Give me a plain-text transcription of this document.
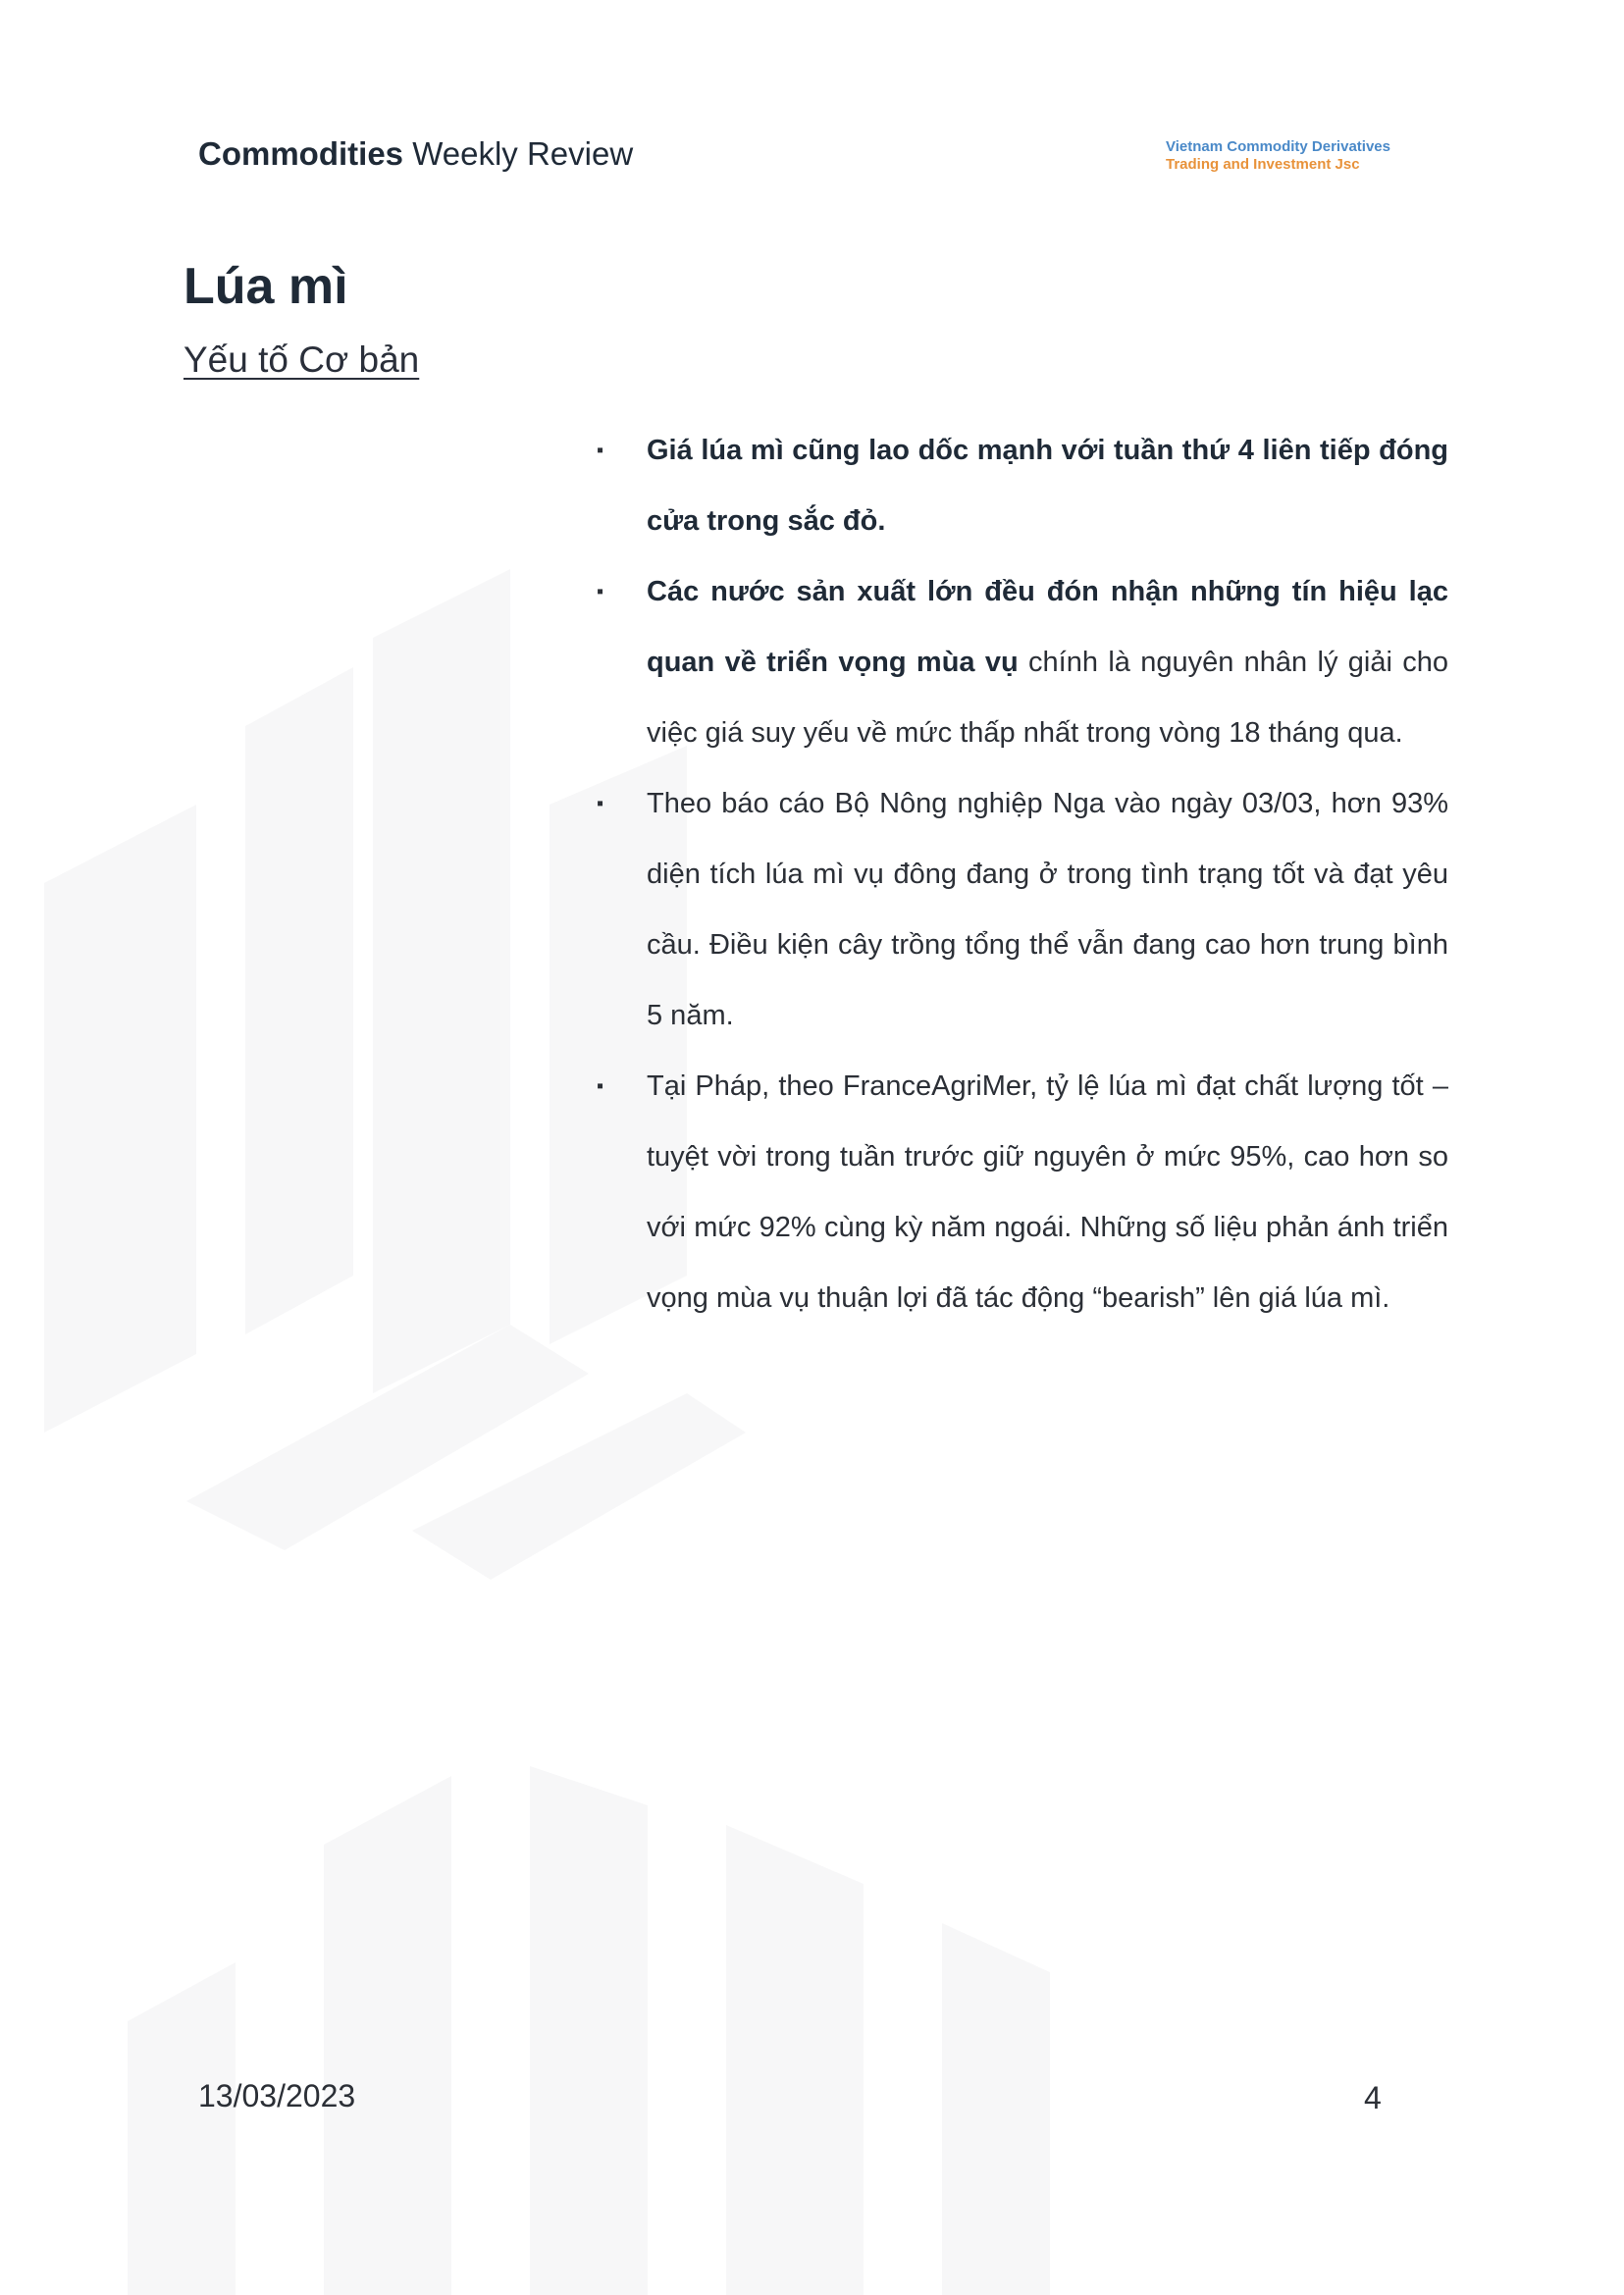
Commodities Weekly Review	Vietnam Commodity Derivatives
Trading and Investment Jsc
Lúa mì
Yếu tố Cơ bản
▪ Giá lúa mì cũng lao dốc mạnh với tuần thứ 4 liên tiếp đóng cửa trong sắc đỏ.
▪ Các nước sản xuất lớn đều đón nhận những tín hiệu lạc quan về triển vọng mùa vụ chính là nguyên nhân lý giải cho việc giá suy yếu về mức thấp nhất trong vòng 18 tháng qua.
▪ Theo báo cáo Bộ Nông nghiệp Nga vào ngày 03/03, hơn 93% diện tích lúa mì vụ đông đang ở trong tình trạng tốt và đạt yêu cầu. Điều kiện cây trồng tổng thể vẫn đang cao hơn trung bình 5 năm.
▪ Tại Pháp, theo FranceAgriMer, tỷ lệ lúa mì đạt chất lượng tốt – tuyệt vời trong tuần trước giữ nguyên ở mức 95%, cao hơn so với mức 92% cùng kỳ năm ngoái. Những số liệu phản ánh triển vọng mùa vụ thuận lợi đã tác động “bearish” lên giá lúa mì.
13/03/2023	4
